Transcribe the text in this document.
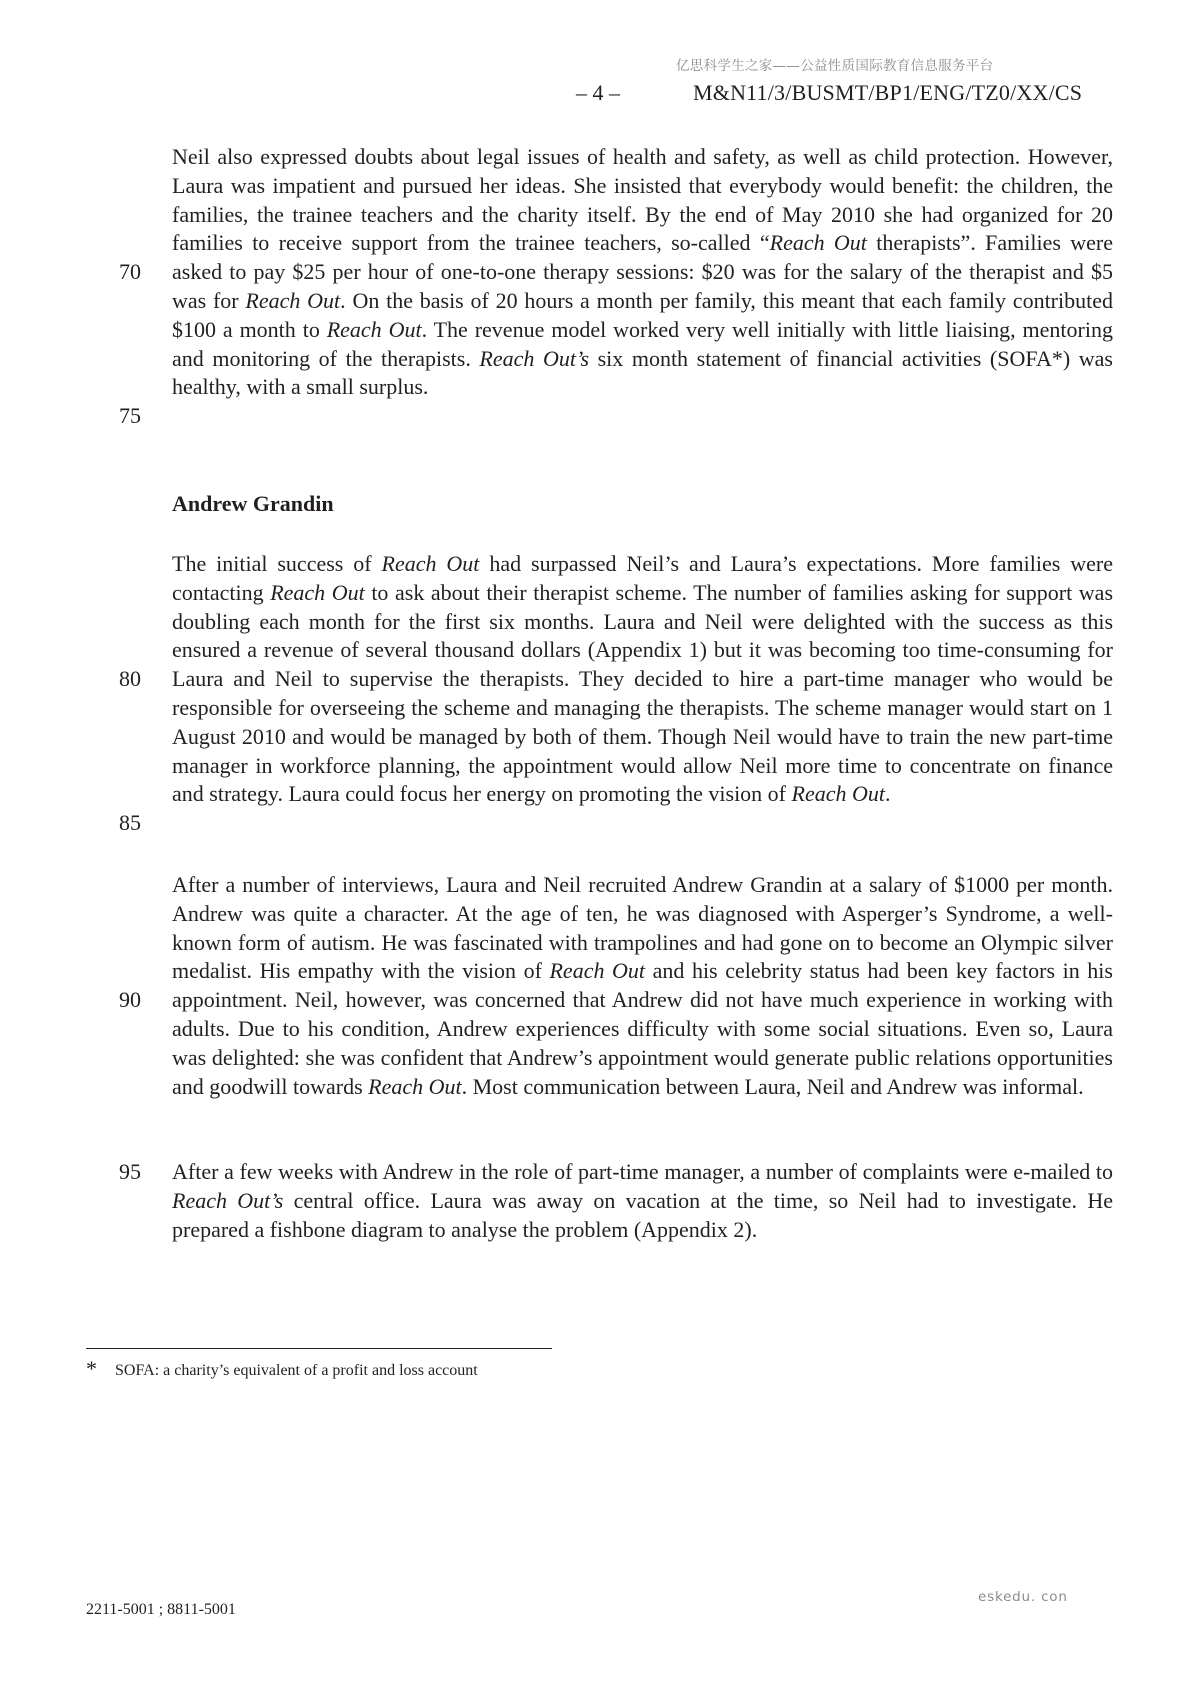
亿思科学生之家——公益性质国际教育信息服务平台
– 4 –	M&N11/3/BUSMT/BP1/ENG/TZ0/XX/CS
70
75
80
85
90
95

Neil also expressed doubts about legal issues of health and safety, as well as child protection. However, Laura was impatient and pursued her ideas. She insisted that everybody would benefit: the children, the families, the trainee teachers and the charity itself. By the end of May 2010 she had organized for 20 families to receive support from the trainee teachers, so-called “Reach Out therapists”. Families were asked to pay $25 per hour of one-to-one therapy sessions: $20 was for the salary of the therapist and $5 was for Reach Out. On the basis of 20 hours a month per family, this meant that each family contributed $100 a month to Reach Out. The revenue model worked very well initially with little liaising, mentoring and monitoring of the therapists. Reach Out’s six month statement of financial activities (SOFA*) was healthy, with a small surplus.

Andrew Grandin

The initial success of Reach Out had surpassed Neil’s and Laura’s expectations. More families were contacting Reach Out to ask about their therapist scheme. The number of families asking for support was doubling each month for the first six months. Laura and Neil were delighted with the success as this ensured a revenue of several thousand dollars (Appendix 1) but it was becoming too time-consuming for Laura and Neil to supervise the therapists. They decided to hire a part-time manager who would be responsible for overseeing the scheme and managing the therapists. The scheme manager would start on 1 August 2010 and would be managed by both of them. Though Neil would have to train the new part-time manager in workforce planning, the appointment would allow Neil more time to concentrate on finance and strategy. Laura could focus her energy on promoting the vision of Reach Out.

After a number of interviews, Laura and Neil recruited Andrew Grandin at a salary of $1000 per month. Andrew was quite a character. At the age of ten, he was diagnosed with Asperger’s Syndrome, a well-known form of autism. He was fascinated with trampolines and had gone on to become an Olympic silver medalist. His empathy with the vision of Reach Out and his celebrity status had been key factors in his appointment. Neil, however, was concerned that Andrew did not have much experience in working with adults. Due to his condition, Andrew experiences difficulty with some social situations. Even so, Laura was delighted: she was confident that Andrew’s appointment would generate public relations opportunities and goodwill towards Reach Out. Most communication between Laura, Neil and Andrew was informal.

After a few weeks with Andrew in the role of part-time manager, a number of complaints were e-mailed to Reach Out’s central office. Laura was away on vacation at the time, so Neil had to investigate. He prepared a fishbone diagram to analyse the problem (Appendix 2).

* SOFA: a charity’s equivalent of a profit and loss account
2211-5001 ; 8811-5001
eskedu. con
